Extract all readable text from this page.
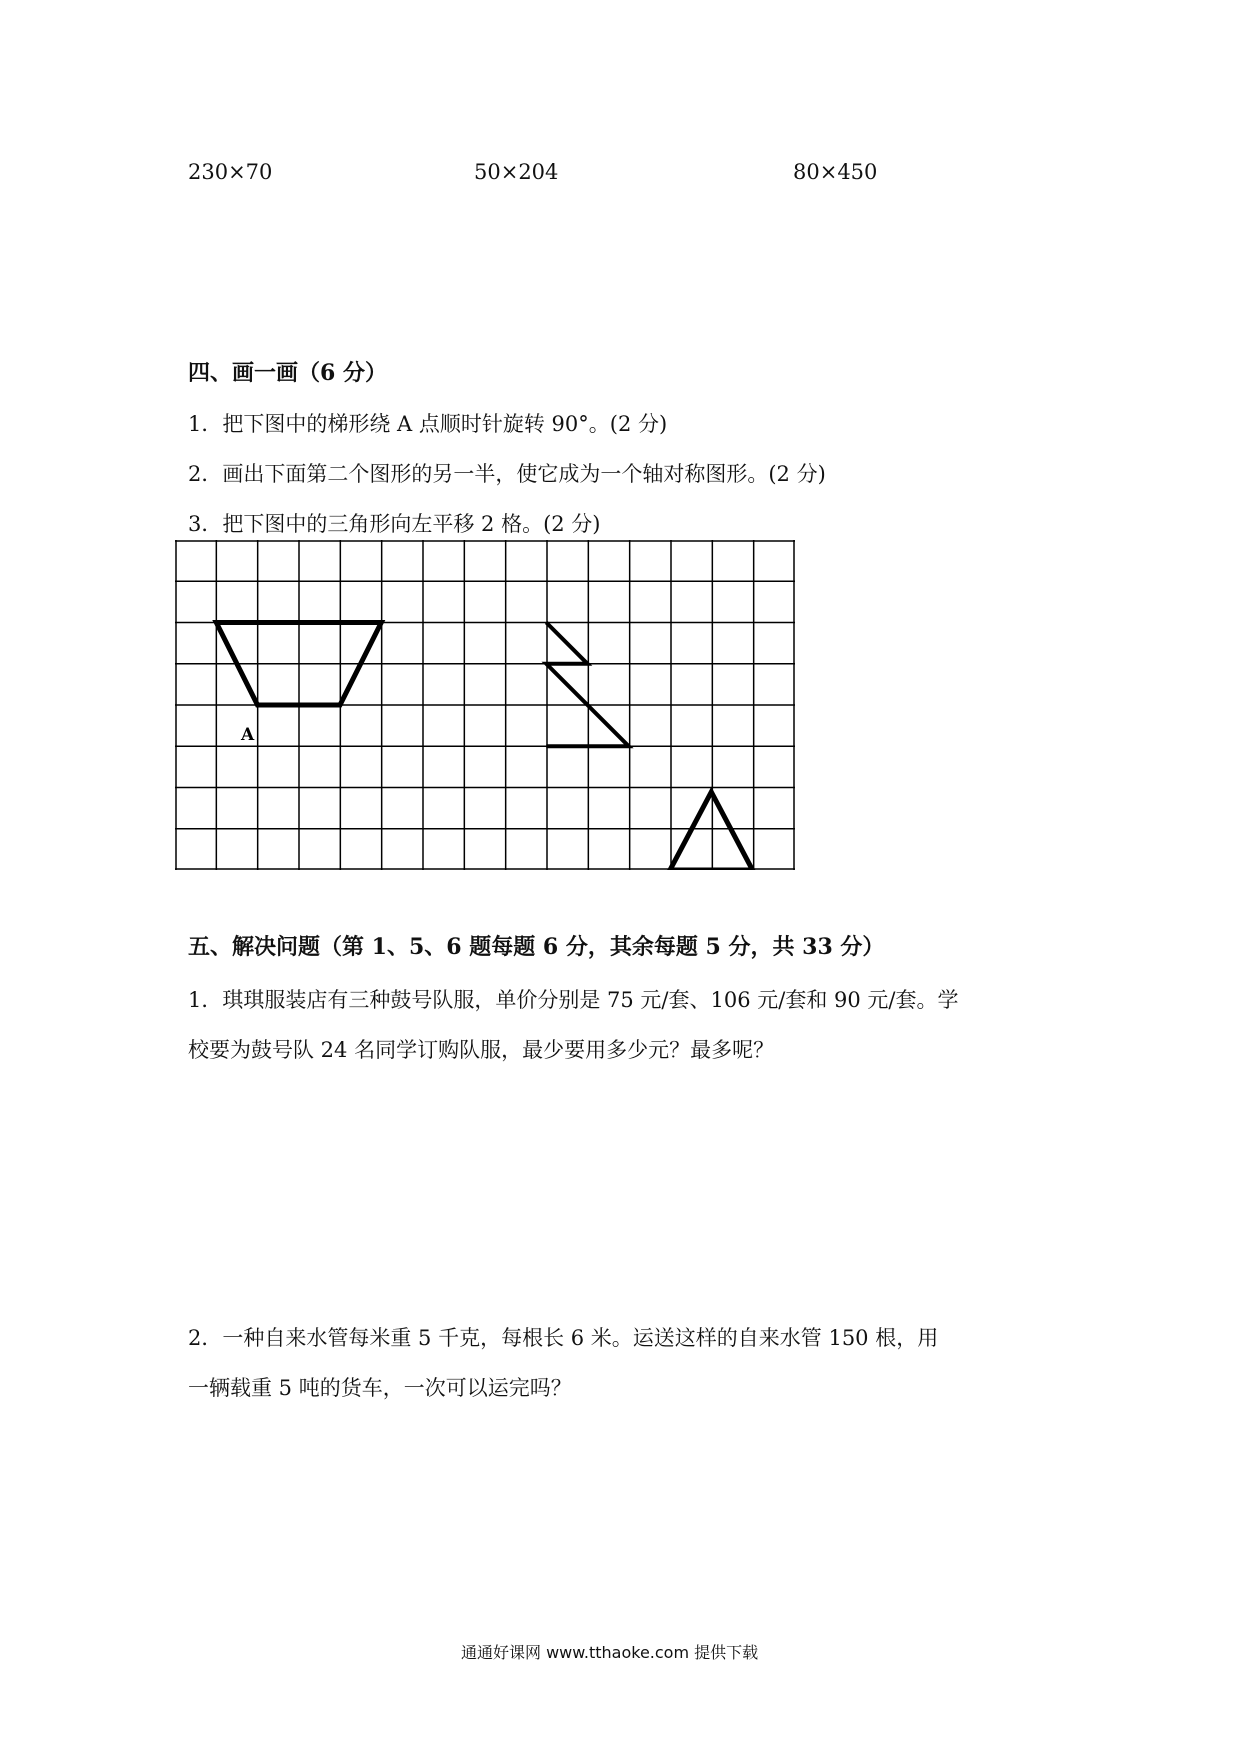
230×70	50×204	80×450
四、画一画（6 分）
1．把下图中的梯形绕 A 点顺时针旋转 90°。(2 分)
2．画出下面第二个图形的另一半，使它成为一个轴对称图形。(2 分)
3．把下图中的三角形向左平移 2 格。(2 分)
A
五、解决问题（第 1、5、6 题每题 6 分，其余每题 5 分，共 33 分）
1．琪琪服装店有三种鼓号队服，单价分别是 75 元/套、106 元/套和 90 元/套。学
校要为鼓号队 24 名同学订购队服，最少要用多少元？最多呢？
2．一种自来水管每米重 5 千克，每根长 6 米。运送这样的自来水管 150 根，用
一辆载重 5 吨的货车，一次可以运完吗？
通通好课网 www.tthaoke.com 提供下载
